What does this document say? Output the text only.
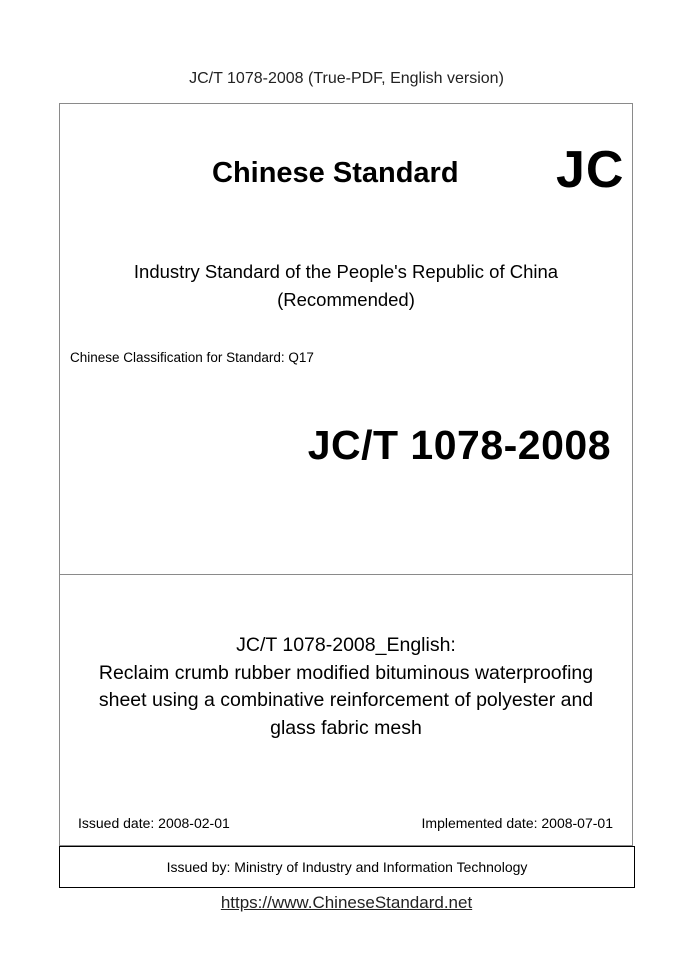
JC/T 1078-2008 (True-PDF, English version)
Chinese Standard JC
Industry Standard of the People's Republic of China
(Recommended)
Chinese Classification for Standard: Q17
JC/T 1078-2008
JC/T 1078-2008_English:
Reclaim crumb rubber modified bituminous waterproofing
sheet using a combinative reinforcement of polyester and
glass fabric mesh
Issued date: 2008-02-01	Implemented date: 2008-07-01
Issued by: Ministry of Industry and Information Technology
https://www.ChineseStandard.net
